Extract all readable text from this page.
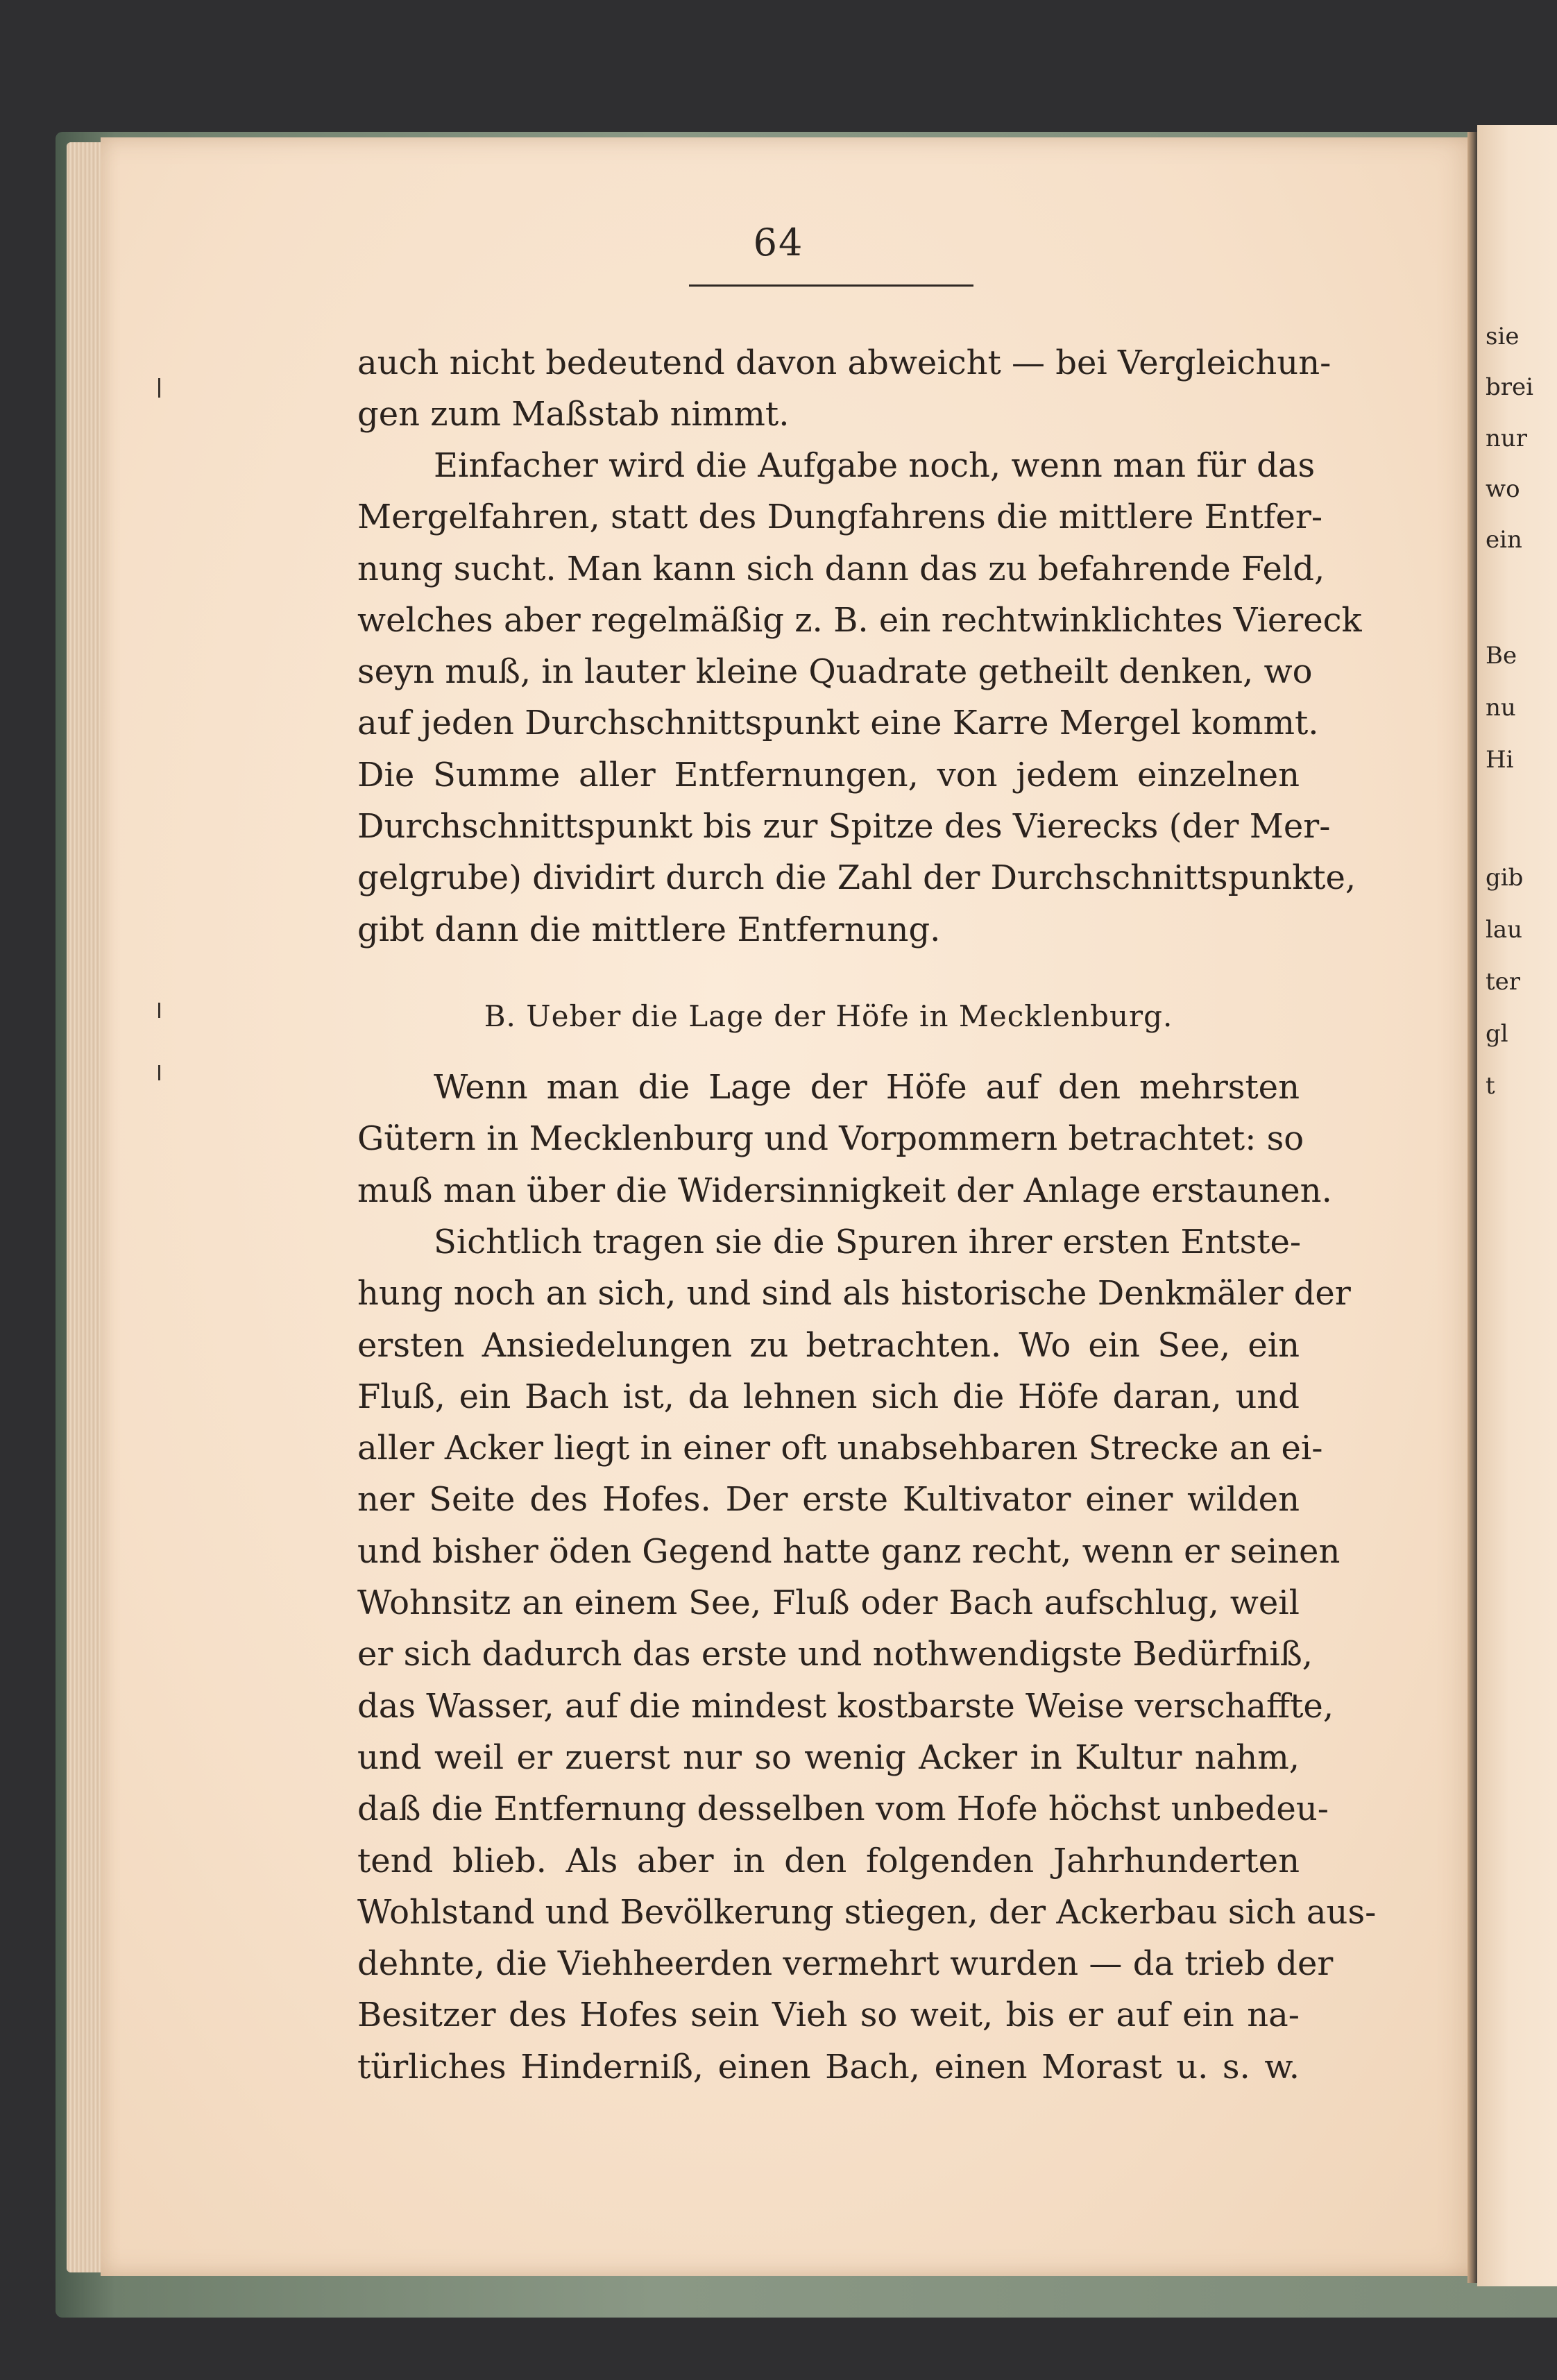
sie
brei
nur
wo
ein
Be
nu
Hi
gib
lau
ter
gl
t
64

auch nicht bedeutend davon abweicht — bei Vergleichun-
gen zum Maßstab nimmt.

Einfacher wird die Aufgabe noch, wenn man für das
Mergelfahren, statt des Dungfahrens die mittlere Entfer-
nung sucht. Man kann sich dann das zu befahrende Feld,
welches aber regelmäßig z. B. ein rechtwinklichtes Viereck
seyn muß, in lauter kleine Quadrate getheilt denken, wo
auf jeden Durchschnittspunkt eine Karre Mergel kommt.
Die Summe aller Entfernungen, von jedem einzelnen
Durchschnittspunkt bis zur Spitze des Vierecks (der Mer-
gelgrube) dividirt durch die Zahl der Durchschnittspunkte,
gibt dann die mittlere Entfernung.

B. Ueber die Lage der Höfe in Mecklenburg.

Wenn man die Lage der Höfe auf den mehrsten
Gütern in Mecklenburg und Vorpommern betrachtet: so
muß man über die Widersinnigkeit der Anlage erstaunen.

Sichtlich tragen sie die Spuren ihrer ersten Entste-
hung noch an sich, und sind als historische Denkmäler der
ersten Ansiedelungen zu betrachten. Wo ein See, ein
Fluß, ein Bach ist, da lehnen sich die Höfe daran, und
aller Acker liegt in einer oft unabsehbaren Strecke an ei-
ner Seite des Hofes. Der erste Kultivator einer wilden
und bisher öden Gegend hatte ganz recht, wenn er seinen
Wohnsitz an einem See, Fluß oder Bach aufschlug, weil
er sich dadurch das erste und nothwendigste Bedürfniß,
das Wasser, auf die mindest kostbarste Weise verschaffte,
und weil er zuerst nur so wenig Acker in Kultur nahm,
daß die Entfernung desselben vom Hofe höchst unbedeu-
tend blieb. Als aber in den folgenden Jahrhunderten
Wohlstand und Bevölkerung stiegen, der Ackerbau sich aus-
dehnte, die Viehheerden vermehrt wurden — da trieb der
Besitzer des Hofes sein Vieh so weit, bis er auf ein na-
türliches Hinderniß, einen Bach, einen Morast u. s. w.
